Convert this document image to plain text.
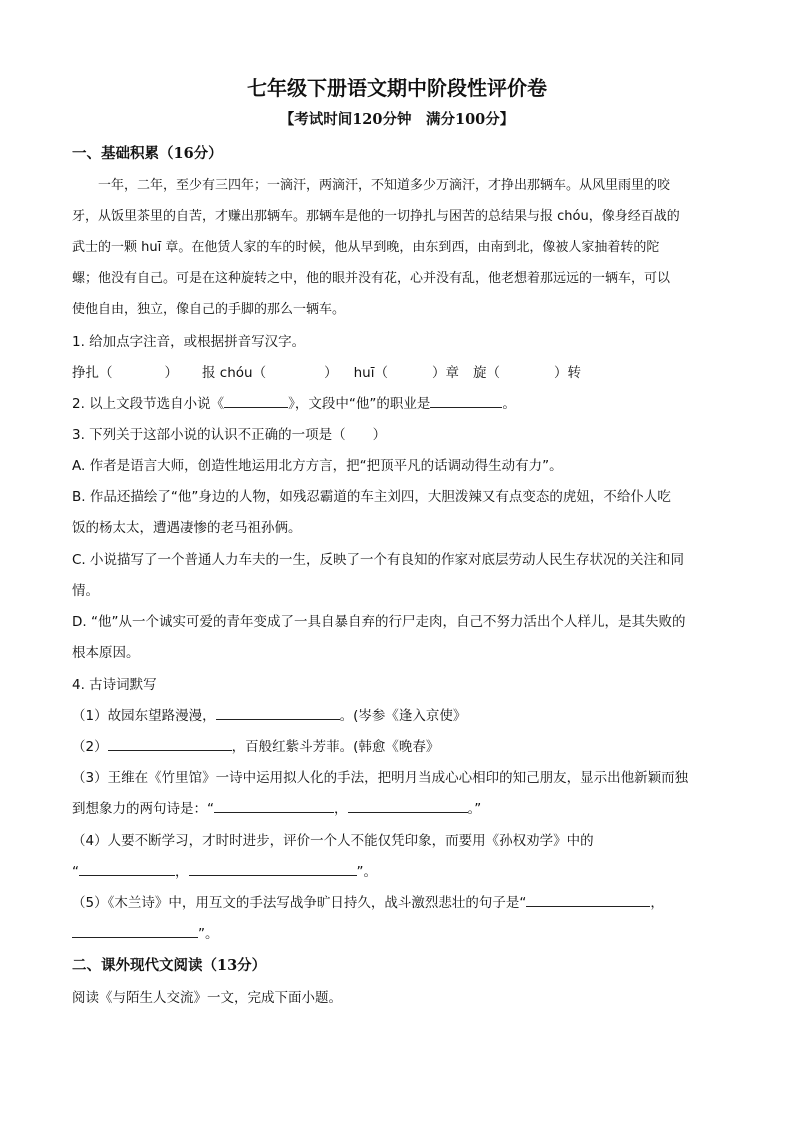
七年级下册语文期中阶段性评价卷
【考试时间120分钟　满分100分】
一、基础积累（16分）
　　一年，二年，至少有三四年；一滴汗，两滴汗，不知道多少万滴汗，才挣出那辆车。从风里雨里的咬
牙，从饭里茶里的自苦，才赚出那辆车。那辆车是他的一切挣扎与困苦的总结果与报 chóu，像身经百战的
武士的一颗 huī 章。在他赁人家的车的时候，他从早到晚，由东到西，由南到北，像被人家抽着转的陀
螺；他没有自己。可是在这种旋转之中，他的眼并没有花，心并没有乱，他老想着那远远的一辆车，可以
使他自由，独立，像自己的手脚的那么一辆车。
1. 给加点字注音，或根据拼音写汉字。
挣扎（	） 报 chóu（	） huī（	）章 旋（	）转
2. 以上文段节选自小说《	》，文段中“他”的职业是	。
3. 下列关于这部小说的认识不正确的一项是（　　）
A. 作者是语言大师，创造性地运用北方方言，把“把顶平凡的话调动得生动有力”。
B. 作品还描绘了“他”身边的人物，如残忍霸道的车主刘四，大胆泼辣又有点变态的虎妞，不给仆人吃
饭的杨太太，遭遇凄惨的老马祖孙俩。
C. 小说描写了一个普通人力车夫的一生，反映了一个有良知的作家对底层劳动人民生存状况的关注和同
情。
D. “他”从一个诚实可爱的青年变成了一具自暴自弃的行尸走肉，自己不努力活出个人样儿，是其失败的
根本原因。
4. 古诗词默写
（1）故园东望路漫漫，	。(岑参《逢入京使》
（2）	，百般红紫斗芳菲。(韩愈《晚春》
（3）王维在《竹里馆》一诗中运用拟人化的手法，把明月当成心心相印的知己朋友，显示出他新颖而独
到想象力的两句诗是：“	，	。”
（4）人要不断学习，才时时进步，评价一个人不能仅凭印象，而要用《孙权劝学》中的
“	，	”。
（5）《木兰诗》中，用互文的手法写战争旷日持久，战斗激烈悲壮的句子是“	，
”。
二、课外现代文阅读（13分）
阅读《与陌生人交流》一文，完成下面小题。
